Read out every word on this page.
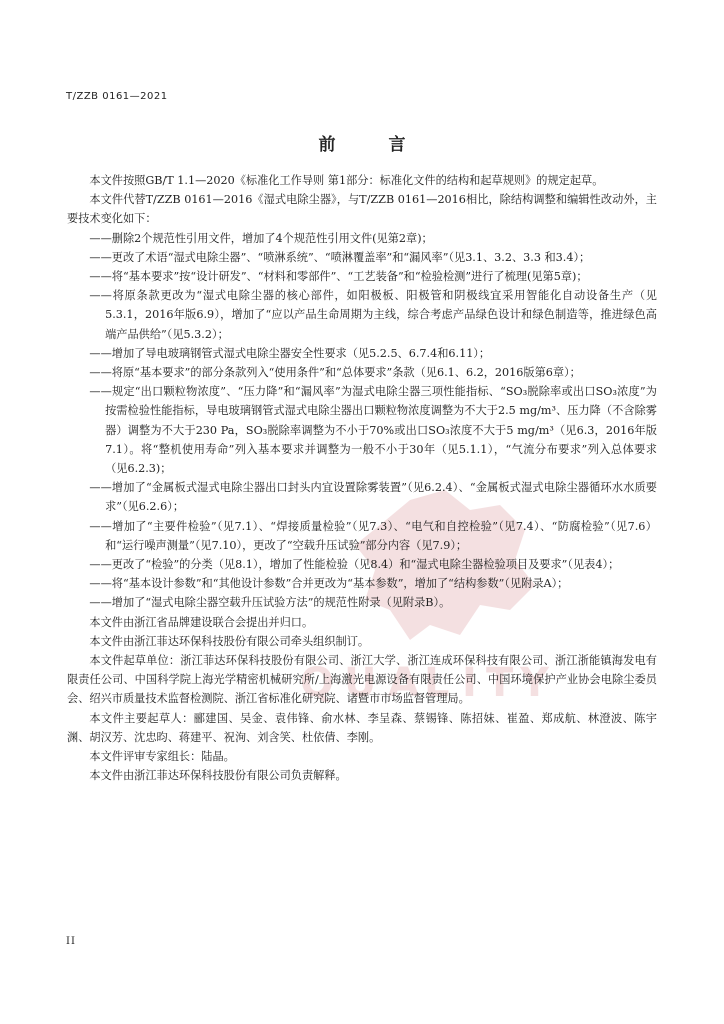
T/ZZB 0161—2021
前　言
Q U A L I T Y

本文件按照GB/T 1.1—2020《标准化工作导则 第1部分：标准化文件的结构和起草规则》的规定起草。

本文件代替T/ZZB 0161—2016《湿式电除尘器》，与T/ZZB 0161—2016相比，除结构调整和编辑性改动外，主要技术变化如下：

——删除2个规范性引用文件，增加了4个规范性引用文件(见第2章)；

——更改了术语“湿式电除尘器”、“喷淋系统”、“喷淋覆盖率”和“漏风率”（见3.1、3.2、3.3 和3.4）；

——将“基本要求”按“设计研发”、“材料和零部件”、“工艺装备”和“检验检测”进行了梳理(见第5章)；

——将原条款更改为“湿式电除尘器的核心部件，如阳极板、阳极管和阴极线宜采用智能化自动设备生产（见5.3.1，2016年版6.9），增加了“应以产品生命周期为主线，综合考虑产品绿色设计和绿色制造等，推进绿色高端产品供给”（见5.3.2）；

——增加了导电玻璃钢管式湿式电除尘器安全性要求（见5.2.5、6.7.4和6.11）；

——将原“基本要求”的部分条款列入“使用条件”和“总体要求”条款（见6.1、6.2，2016版第6章）；

——规定“出口颗粒物浓度”、“压力降”和“漏风率”为湿式电除尘器三项性能指标、“SO₃脱除率或出口SO₃浓度”为按需检验性能指标，导电玻璃钢管式湿式电除尘器出口颗粒物浓度调整为不大于2.5 mg/m³、压力降（不含除雾器）调整为不大于230 Pa，SO₃脱除率调整为不小于70%或出口SO₃浓度不大于5 mg/m³（见6.3，2016年版7.1）。将“整机使用寿命”列入基本要求并调整为一般不小于30年（见5.1.1），“气流分布要求”列入总体要求（见6.2.3)；

——增加了“金属板式湿式电除尘器出口封头内宜设置除雾装置”（见6.2.4）、“金属板式湿式电除尘器循环水水质要求”（见6.2.6）；

——增加了“主要件检验”（见7.1）、“焊接质量检验”（见7.3）、“电气和自控检验”（见7.4）、“防腐检验”（见7.6）和“运行噪声测量”（见7.10），更改了“空载升压试验”部分内容（见7.9）；

——更改了“检验”的分类（见8.1），增加了性能检验（见8.4）和“湿式电除尘器检验项目及要求”（见表4）；

——将“基本设计参数”和“其他设计参数”合并更改为“基本参数”，增加了“结构参数”（见附录A）；

——增加了“湿式电除尘器空载升压试验方法”的规范性附录（见附录B）。

本文件由浙江省品牌建设联合会提出并归口。

本文件由浙江菲达环保科技股份有限公司牵头组织制订。

本文件起草单位：浙江菲达环保科技股份有限公司、浙江大学、浙江连成环保科技有限公司、浙江浙能镇海发电有限责任公司、中国科学院上海光学精密机械研究所/上海激光电源设备有限责任公司、中国环境保护产业协会电除尘委员会、绍兴市质量技术监督检测院、浙江省标准化研究院、诸暨市市场监督管理局。

本文件主要起草人：郦建国、吴金、袁伟锋、俞水林、李呈森、蔡锡锋、陈招妹、崔盈、郑成航、林澄波、陈宇渊、胡汉芳、沈忠昀、蒋建平、祝洵、刘含笑、杜依倩、李刚。

本文件评审专家组长：陆晶。

本文件由浙江菲达环保科技股份有限公司负责解释。

II
